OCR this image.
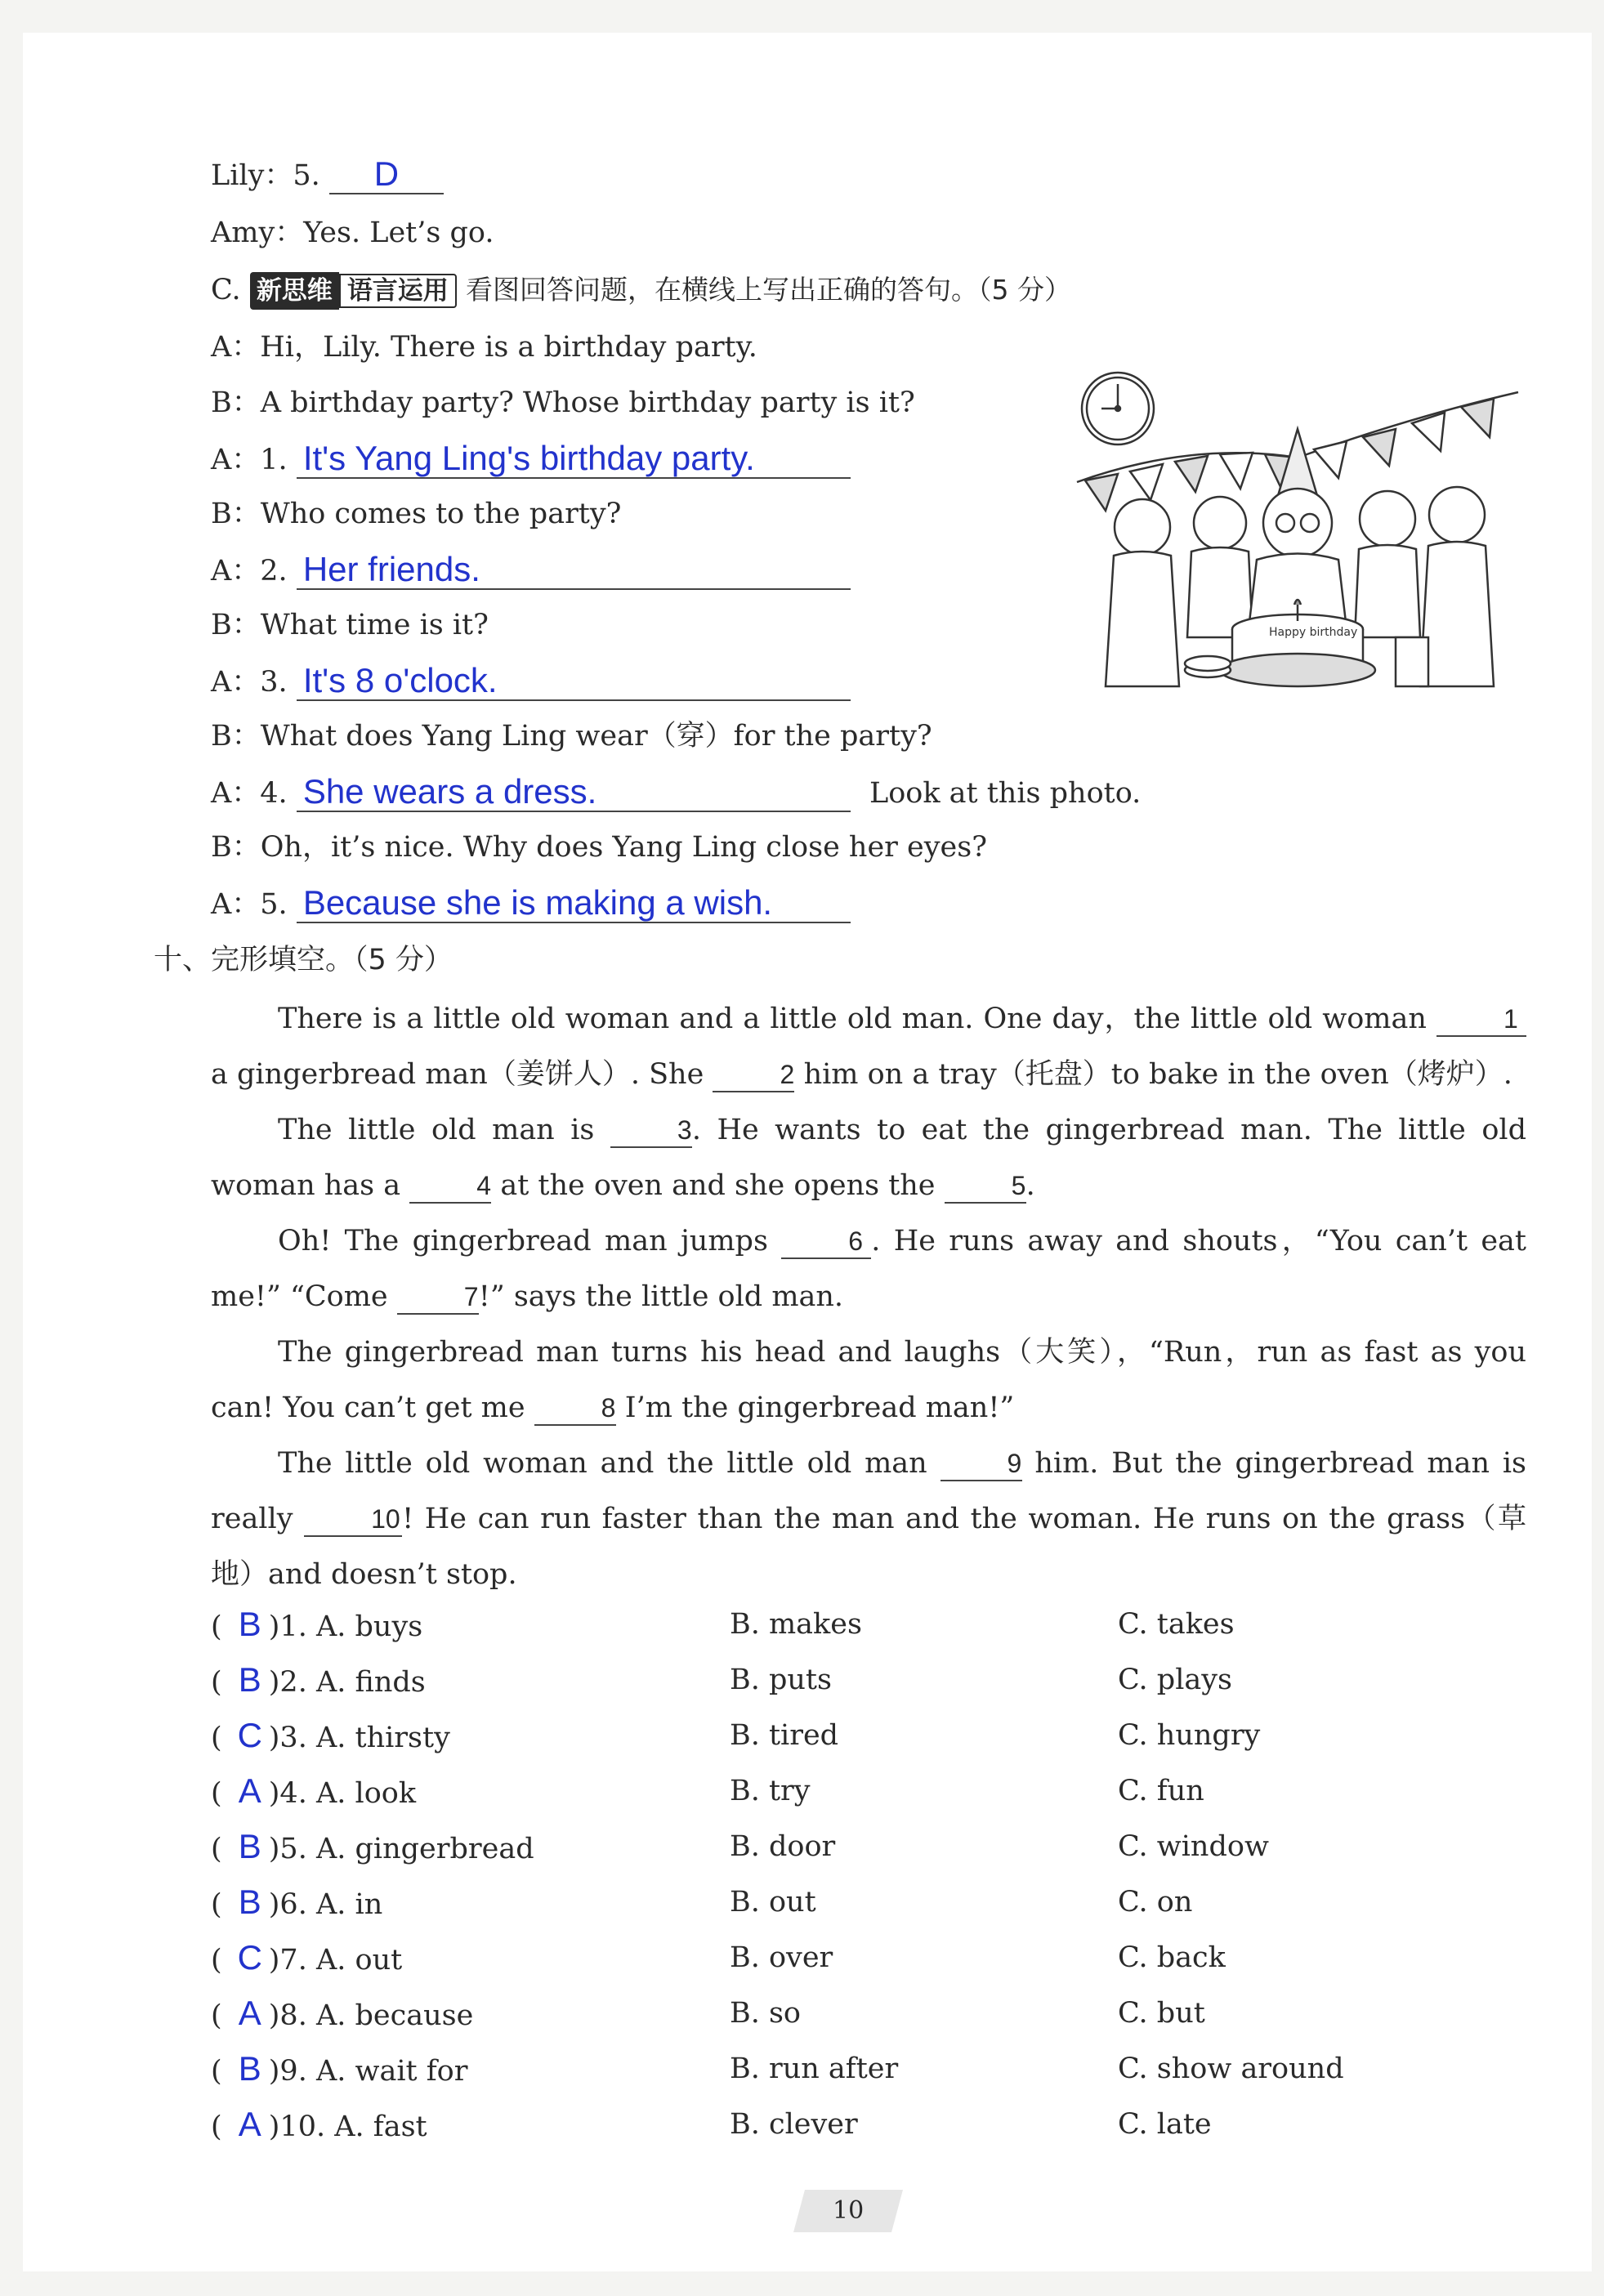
Lily：5. D
Amy：Yes. Let’s go.
C. 新思维 语言运用 看图回答问题，在横线上写出正确的答句。（5 分）
A：Hi，Lily. There is a birthday party.
B：A birthday party? Whose birthday party is it?
A：1. It's Yang Ling's birthday party.
B：Who comes to the party?
A：2. Her friends.
B：What time is it?
A：3. It's 8 o'clock.
B：What does Yang Ling wear（穿）for the party?
A：4. She wears a dress.	Look at this photo.
B：Oh，it’s nice. Why does Yang Ling close her eyes?
A：5. Because she is making a wish.
Happy birthday
十、完形填空。（5 分）

There is a little old woman and a little old man. One day，the little old woman	1 a gingerbread man（姜饼人）. She	2 him on a tray（托盘）to bake in the oven（烤炉）.

The little old man is	3. He wants to eat the gingerbread man. The little old woman has a	4 at the oven and she opens the	5.

Oh! The gingerbread man jumps	6 . He runs away and shouts，“You can’t eat me!” “Come	7!” says the little old man.

The gingerbread man turns his head and laughs（大笑），“Run，run as fast as you can! You can’t get me	8 I’m the gingerbread man!”

The little old woman and the little old man	9 him. But the gingerbread man is really	10! He can run faster than the man and the woman. He runs on the grass（草地）and doesn’t stop.

( B )1. A. buys	B. makes	C. takes
( B )2. A. finds	B. puts	C. plays
( C )3. A. thirsty	B. tired	C. hungry
( A )4. A. look	B. try	C. fun
( B )5. A. gingerbread	B. door	C. window
( B )6. A. in	B. out	C. on
( C )7. A. out	B. over	C. back
( A )8. A. because	B. so	C. but
( B )9. A. wait for	B. run after	C. show around
( A )10. A. fast	B. clever	C. late
10
